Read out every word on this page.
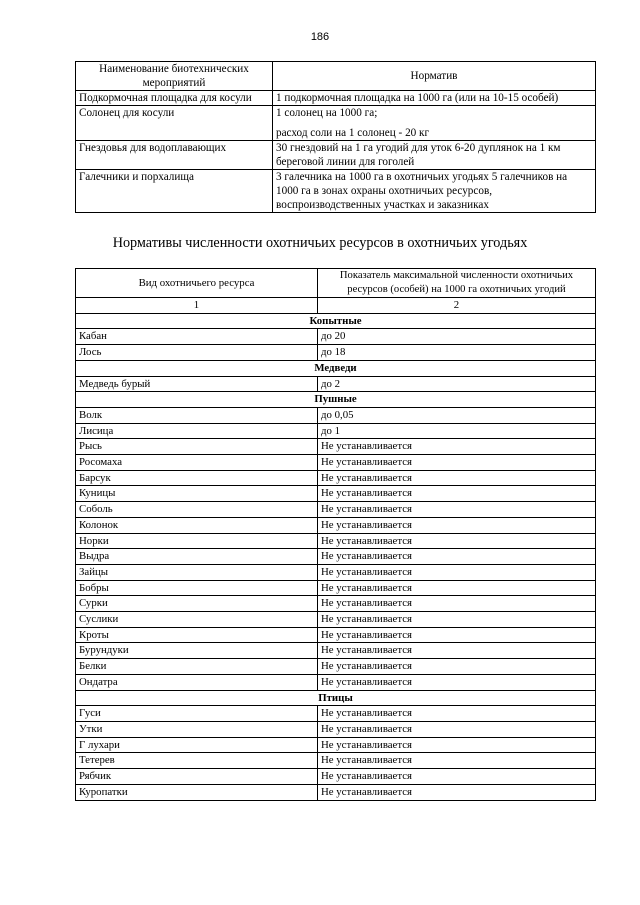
186
Наименование биотехнических мероприятий	Норматив
Подкормочная площадка для косули	1 подкормочная площадка на 1000 га (или на 10-15 особей)

Солонец для косули	1 солонец на 1000 га;
расход соли на 1 солонец - 20 кг

Гнездовья для водоплавающих	30 гнездовий на 1 га угодий для уток 6-20 дуплянок на 1 км береговой линии для гоголей

Галечники и порхалища	3 галечника на 1000 га в охотничьих угодьях 5 галечников на 1000 га в зонах охраны охотничьих ресурсов, воспроизводственных участках и заказниках
Нормативы численности охотничьих ресурсов в охотничьих угодьях
Вид охотничьего ресурса	Показатель максимальной численности охотничьих ресурсов (особей) на 1000 га охотничьих угодий
1	2
Копытные	
Кабан	до 20
Лось	до 18
Медведи	
Медведь бурый	до 2
Пушные	
Волк	до 0,05
Лисица	до 1
Рысь	Не устанавливается
Росомаха	Не устанавливается
Барсук	Не устанавливается
Куницы	Не устанавливается
Соболь	Не устанавливается
Колонок	Не устанавливается
Норки	Не устанавливается
Выдра	Не устанавливается
Зайцы	Не устанавливается
Бобры	Не устанавливается
Сурки	Не устанавливается
Суслики	Не устанавливается
Кроты	Не устанавливается
Бурундуки	Не устанавливается
Белки	Не устанавливается
Ондатра	Не устанавливается
Птицы	
Гуси	Не устанавливается
Утки	Не устанавливается
Г лухари	Не устанавливается
Тетерев	Не устанавливается
Рябчик	Не устанавливается
Куропатки	Не устанавливается
